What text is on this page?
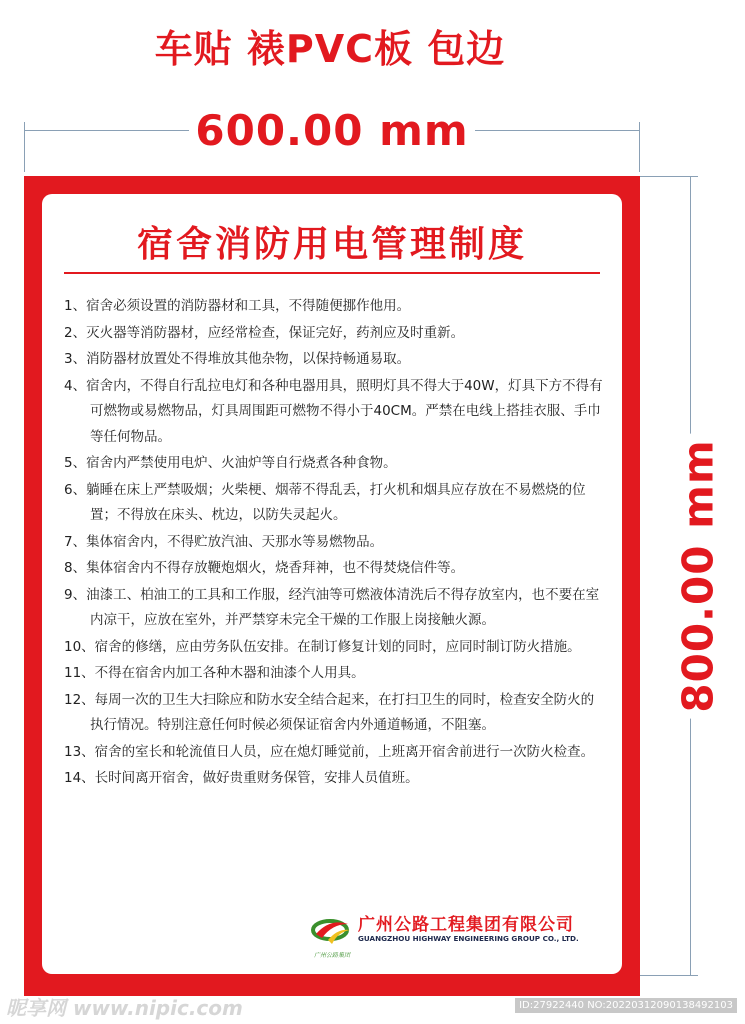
车贴 裱PVC板 包边
600.00 mm
800.00 mm
宿舍消防用电管理制度
1、宿舍必须设置的消防器材和工具，不得随便挪作他用。
2、灭火器等消防器材，应经常检查，保证完好，药剂应及时重新。
3、消防器材放置处不得堆放其他杂物，以保持畅通易取。
4、宿舍内，不得自行乱拉电灯和各种电器用具，照明灯具不得大于40W，灯具下方不得有可燃物或易燃物品，灯具周围距可燃物不得小于40CM。严禁在电线上搭挂衣服、手巾等任何物品。
5、宿舍内严禁使用电炉、火油炉等自行烧煮各种食物。
6、躺睡在床上严禁吸烟；火柴梗、烟蒂不得乱丢，打火机和烟具应存放在不易燃烧的位置；不得放在床头、枕边，以防失灵起火。
7、集体宿舍内，不得贮放汽油、天那水等易燃物品。
8、集体宿舍内不得存放鞭炮烟火，烧香拜神，也不得焚烧信件等。
9、油漆工、柏油工的工具和工作服，经汽油等可燃液体清洗后不得存放室内，也不要在室内凉干，应放在室外，并严禁穿未完全干燥的工作服上岗接触火源。
10、宿舍的修缮，应由劳务队伍安排。在制订修复计划的同时，应同时制订防火措施。
11、不得在宿舍内加工各种木器和油漆个人用具。
12、每周一次的卫生大扫除应和防水安全结合起来，在打扫卫生的同时，检查安全防火的执行情况。特别注意任何时候必须保证宿舍内外通道畅通，不阻塞。
13、宿舍的室长和轮流值日人员，应在熄灯睡觉前，上班离开宿舍前进行一次防火检查。
14、长时间离开宿舍，做好贵重财务保管，安排人员值班。
广州公路集团
广州公路工程集团有限公司
GUANGZHOU HIGHWAY ENGINEERING GROUP CO., LTD.
昵享网 www.nipic.com	ID:27922440 NO:20220312090138492103
